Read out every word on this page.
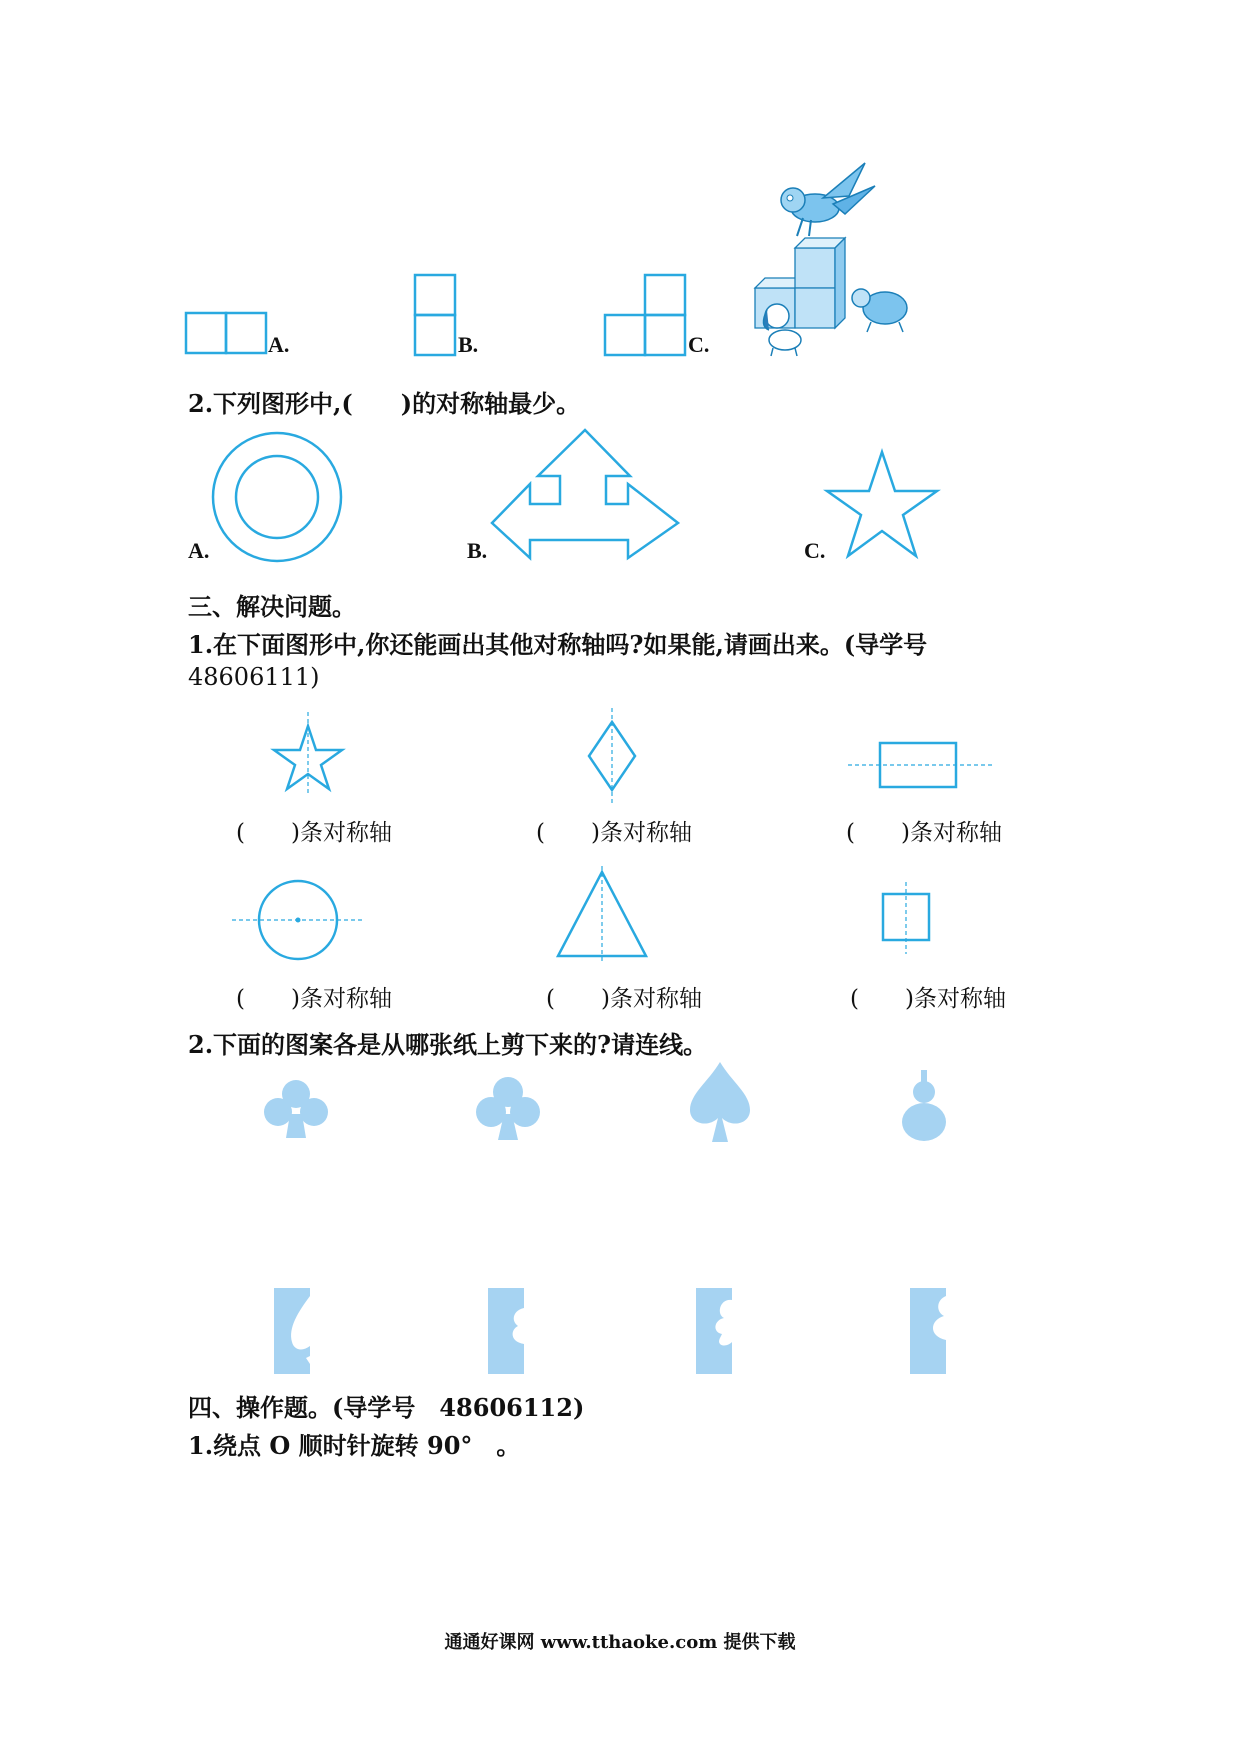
A.	B.	C.
2.下列图形中,(　　)的对称轴最少。
A.	B.	C.
三、解决问题。
1.在下面图形中,你还能画出其他对称轴吗?如果能,请画出来。(导学号
48606111)
(　　)条对称轴	(　　)条对称轴	(　　)条对称轴
(　　)条对称轴	(　　)条对称轴	(　　)条对称轴
2.下面的图案各是从哪张纸上剪下来的?请连线。
四、操作题。(导学号　48606112)
1.绕点 O 顺时针旋转 90°　。
通通好课网 www.tthaoke.com 提供下载
